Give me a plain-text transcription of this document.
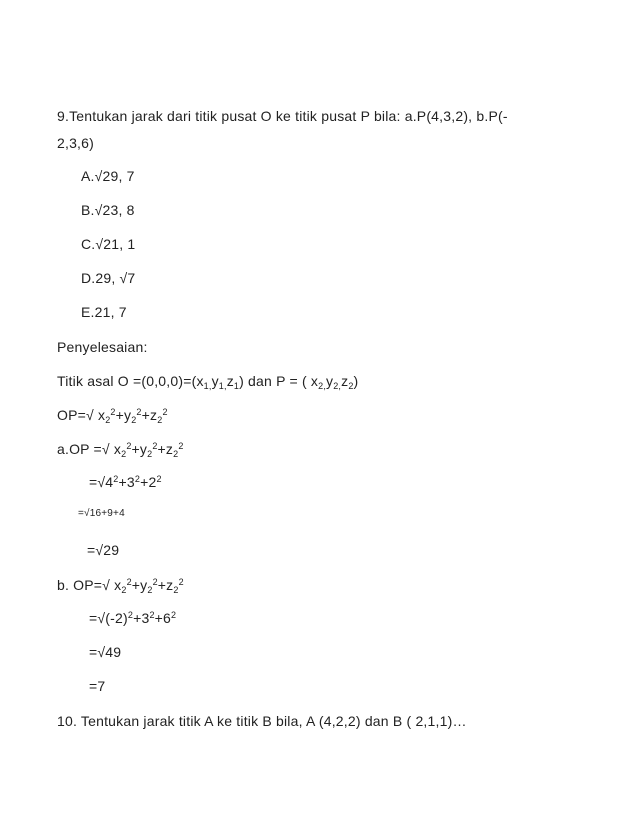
9.Tentukan jarak dari titik pusat O ke titik pusat P bila: a.P(4,3,2), b.P(-
2,3,6)
A.√29, 7
B.√23, 8
C.√21, 1
D.29, √7
E.21, 7
Penyelesaian:
Titik asal $O =(0,0,0)=(x_{1,}y_{1,}z_1)$ dan P = ( $x_{2,}y_{2,}z_2$)
OP=√ $x_2^2+y_2^2+z_2^2$
a.OP =√ $x_2^2+y_2^2+z_2^2$
$=√4^2+3^2+2^2$
=√16+9+4
=√29
b. OP=√ $x_2^2+y_2^2+z_2^2$
$=√(-2)^2+3^2+6^2$
=√49
=7
10. Tentukan jarak titik A ke titik B bila, A (4,2,2) dan B ( 2,1,1)…
